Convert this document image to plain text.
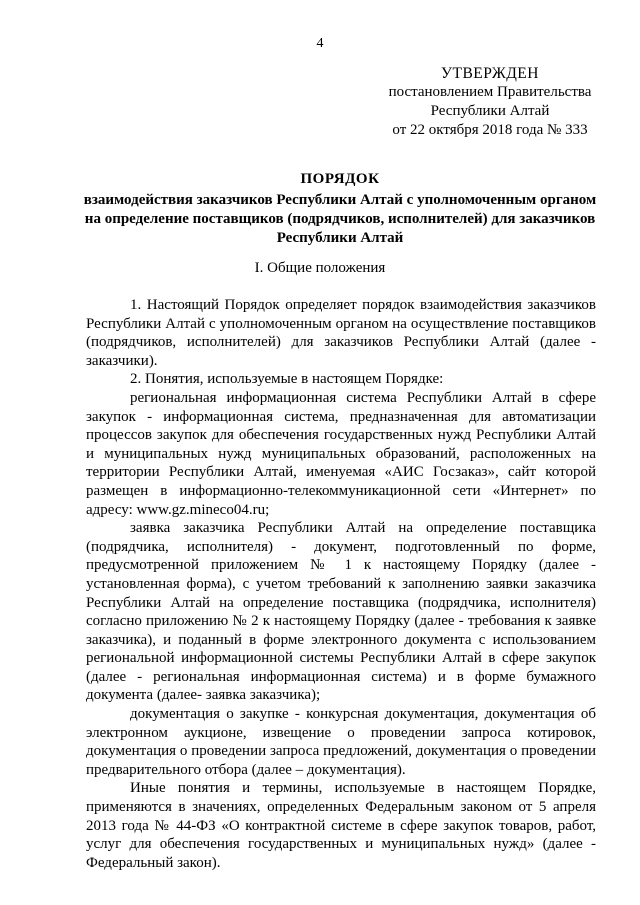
4
УТВЕРЖДЕН
постановлением Правительства
Республики Алтай
от 22 октября 2018 года № 333
ПОРЯДОК
взаимодействия заказчиков Республики Алтай с уполномоченным органом на определение поставщиков (подрядчиков, исполнителей) для заказчиков Республики Алтай
I. Общие положения

1. Настоящий Порядок определяет порядок взаимодействия заказчиков Республики Алтай с уполномоченным органом на осуществление поставщиков (подрядчиков, исполнителей) для заказчиков Республики Алтай (далее - заказчики).

2. Понятия, используемые в настоящем Порядке:

региональная информационная система Республики Алтай в сфере закупок - информационная система, предназначенная для автоматизации процессов закупок для обеспечения государственных нужд Республики Алтай и муниципальных нужд муниципальных образований, расположенных на территории Республики Алтай, именуемая «АИС Госзаказ», сайт которой размещен в информационно-телекоммуникационной сети «Интернет» по адресу: www.gz.mineco04.ru;

заявка заказчика Республики Алтай на определение поставщика (подрядчика, исполнителя) - документ, подготовленный по форме, предусмотренной приложением № 1 к настоящему Порядку (далее - установленная форма), с учетом требований к заполнению заявки заказчика Республики Алтай на определение поставщика (подрядчика, исполнителя) согласно приложению № 2 к настоящему Порядку (далее - требования к заявке заказчика), и поданный в форме электронного документа с использованием региональной информационной системы Республики Алтай в сфере закупок (далее - региональная информационная система) и в форме бумажного документа (далее- заявка заказчика);

документация о закупке - конкурсная документация, документация об электронном аукционе, извещение о проведении запроса котировок, документация о проведении запроса предложений, документация о проведении предварительного отбора (далее – документация).

Иные понятия и термины, используемые в настоящем Порядке, применяются в значениях, определенных Федеральным законом от 5 апреля 2013 года № 44-ФЗ «О контрактной системе в сфере закупок товаров, работ, услуг для обеспечения государственных и муниципальных нужд» (далее - Федеральный закон).
